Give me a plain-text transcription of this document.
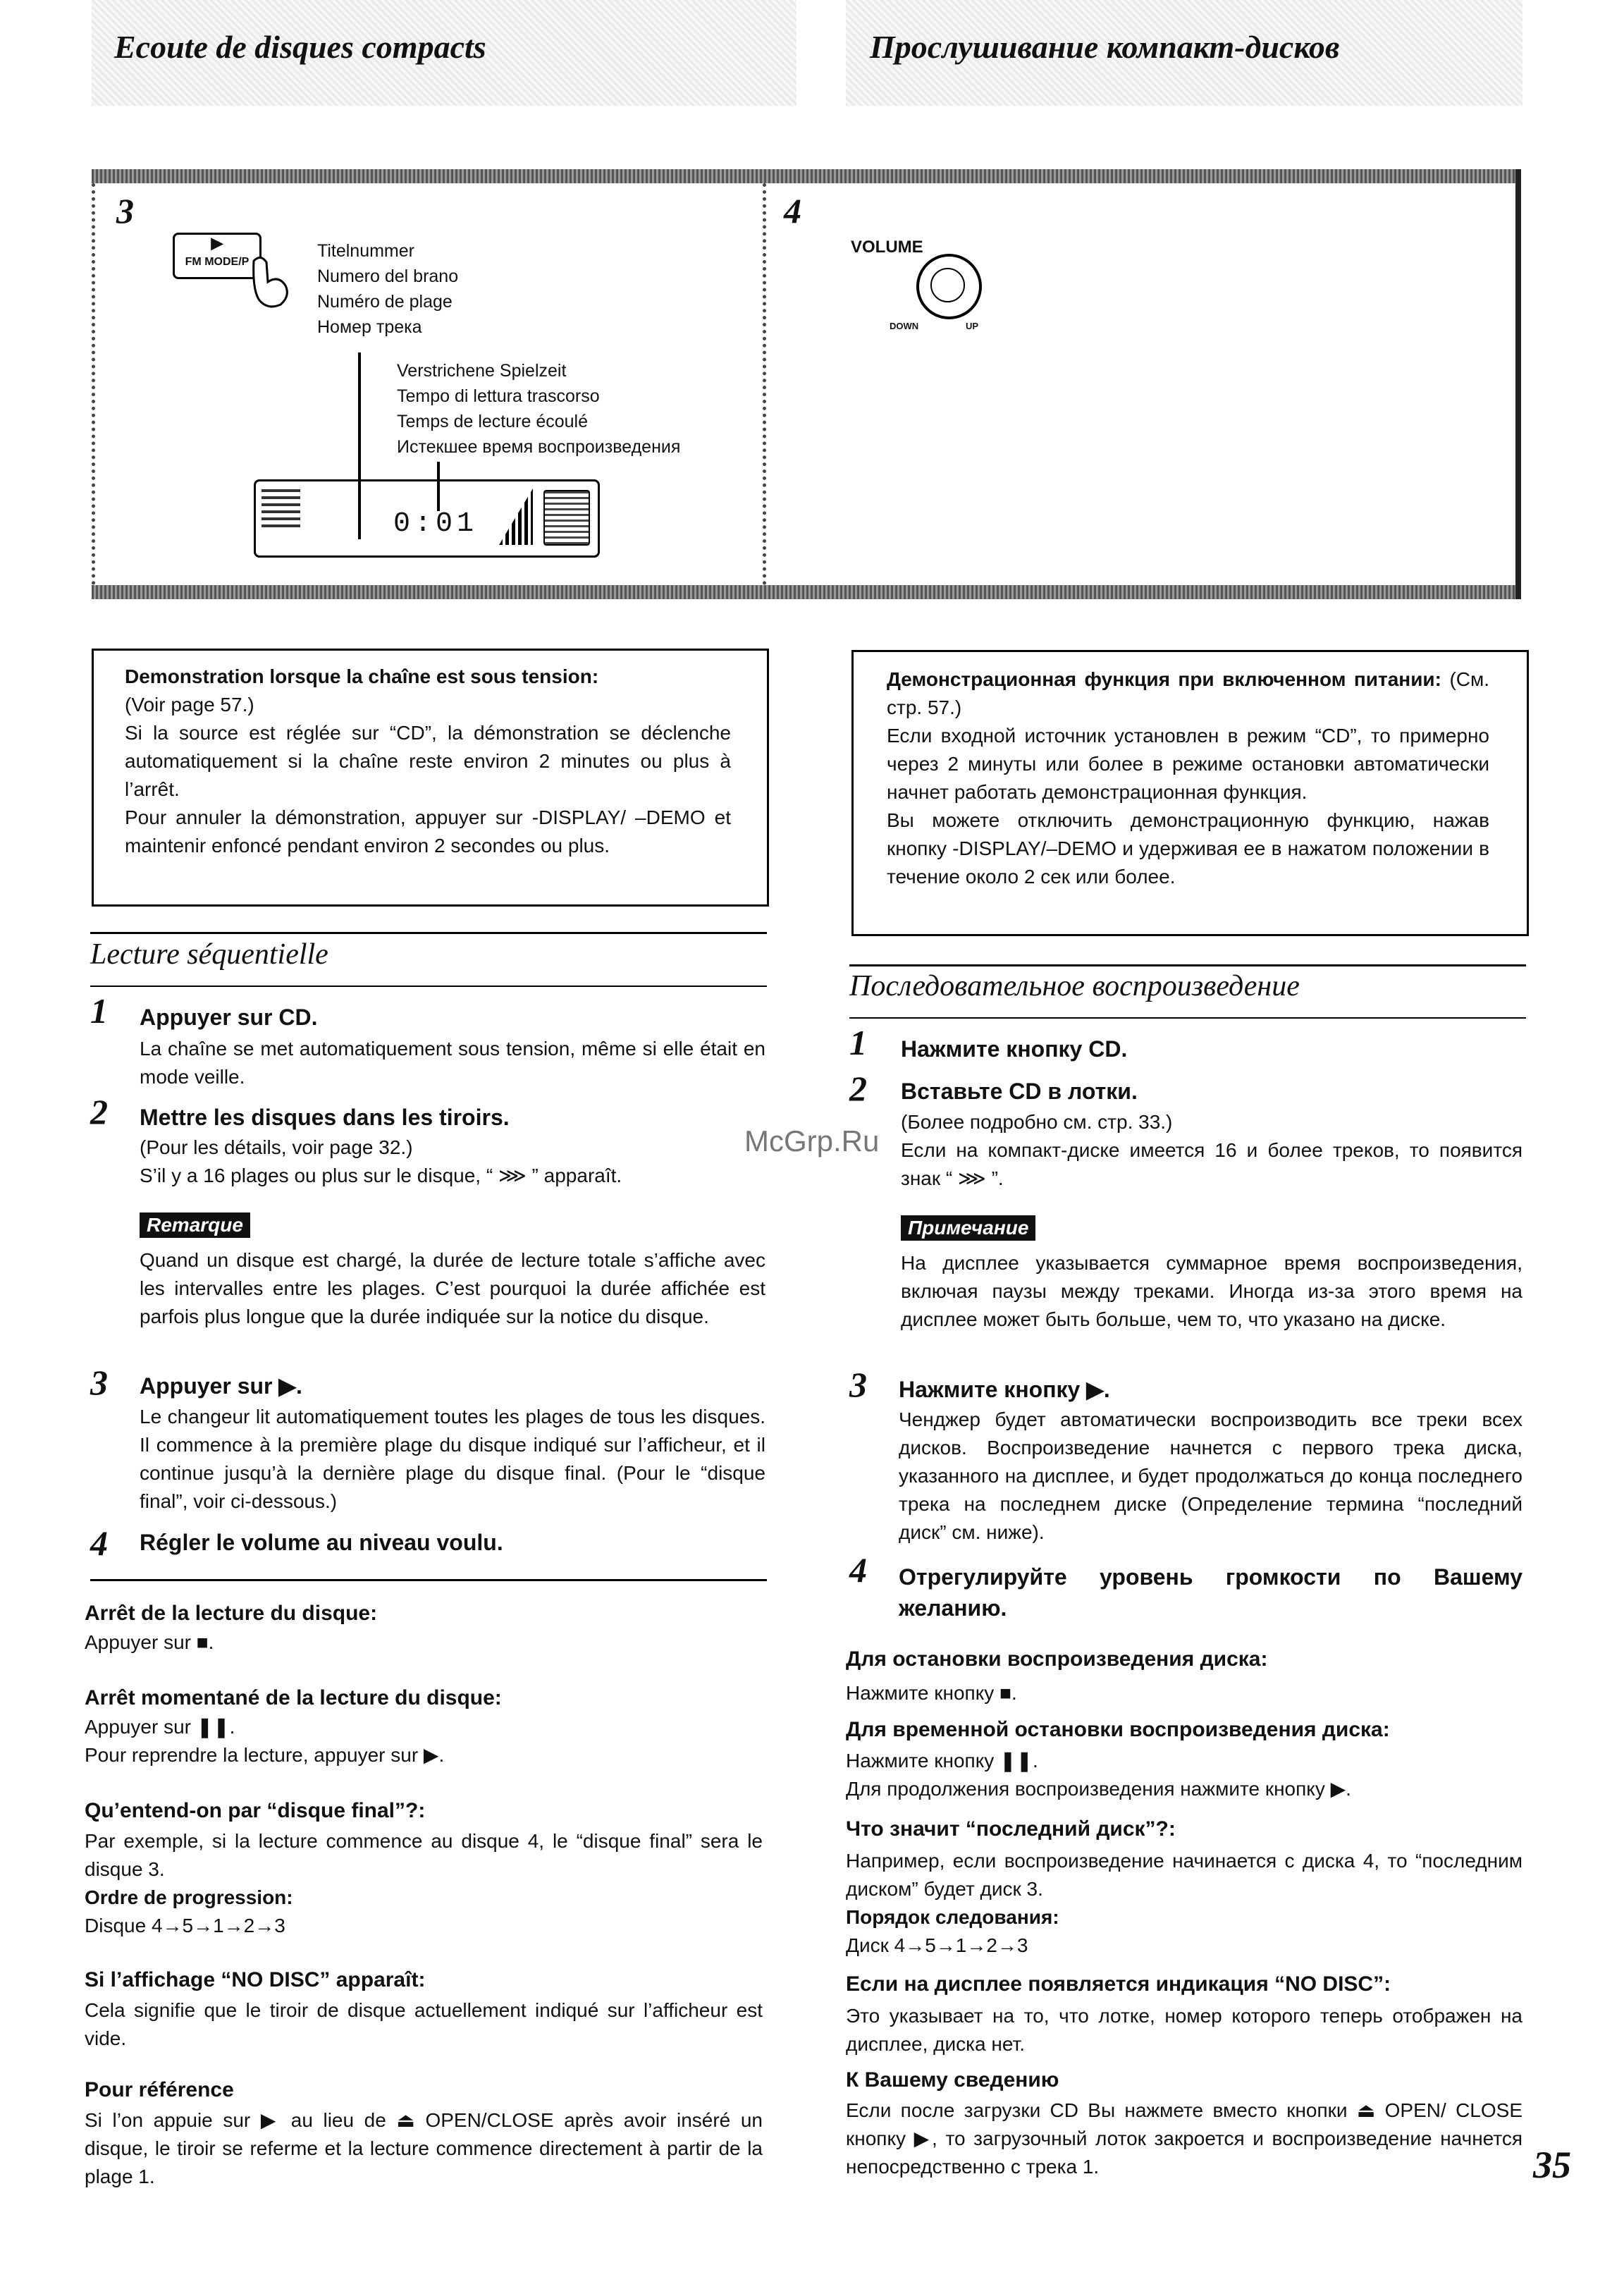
Ecoute de disques compacts	Прослушивание компакт-дисков
3	4
▶
FM MODE/P
Titelnummer
Numero del brano
Numéro de plage
Номер трека
Verstrichene Spielzeit
Tempo di lettura trascorso
Temps de lecture écoulé
Истекшее время воспроизведения
0:01
VOLUME
DOWN	UP

Demonstration lorsque la chaîne est sous tension:

(Voir page 57.)

Si la source est réglée sur “CD”, la démonstration se déclenche automatiquement si la chaîne reste environ 2 minutes ou plus à l’arrêt.

Pour annuler la démonstration, appuyer sur -DISPLAY/ –DEMO et maintenir enfoncé pendant environ 2 secondes ou plus.

Демонстрационная функция при включенном питании: (См. стр. 57.)

Если входной источник установлен в режим “CD”, то примерно через 2 минуты или более в режиме остановки автоматически начнет работать демонстрационная функция.

Вы можете отключить демонстрационную функцию, нажав кнопку -DISPLAY/–DEMO и удерживая ее в нажатом положении в течение около 2 сек или более.

Lecture séquentielle
1 Appuyer sur CD.
La chaîne se met automatiquement sous tension, même si elle était en mode veille.
2 Mettre les disques dans les tiroirs.
(Pour les détails, voir page 32.)
S’il y a 16 plages ou plus sur le disque, “ ⋙ ” apparaît.
Remarque
Quand un disque est chargé, la durée de lecture totale s’affiche avec les intervalles entre les plages. C’est pourquoi la durée affichée est parfois plus longue que la durée indiquée sur la notice du disque.
3 Appuyer sur ▶.
Le changeur lit automatiquement toutes les plages de tous les disques. Il commence à la première plage du disque indiqué sur l’afficheur, et il continue jusqu’à la dernière plage du disque final. (Pour le “disque final”, voir ci-dessous.)
4 Régler le volume au niveau voulu.
Arrêt de la lecture du disque:
Appuyer sur ■.
Arrêt momentané de la lecture du disque:
Appuyer sur ❚❚.
Pour reprendre la lecture, appuyer sur ▶.
Qu’entend-on par “disque final”?:
Par exemple, si la lecture commence au disque 4, le “disque final” sera le disque 3.
Ordre de progression:
Disque 4→5→1→2→3
Si l’affichage “NO DISC” apparaît:
Cela signifie que le tiroir de disque actuellement indiqué sur l’afficheur est vide.
Pour référence
Si l’on appuie sur ▶ au lieu de ⏏ OPEN/CLOSE après avoir inséré un disque, le tiroir se referme et la lecture commence directement à partir de la plage 1.
McGrp.Ru
Последовательное воспроизведение
1 Нажмите кнопку CD.
2 Вставьте CD в лотки.
(Более подробно см. стр. 33.)
Если на компакт-диске имеется 16 и более треков, то появится знак “ ⋙ ”.
Примечание
На дисплее указывается суммарное время воспроизведения, включая паузы между треками. Иногда из-за этого время на дисплее может быть больше, чем то, что указано на диске.
3 Нажмите кнопку ▶.
Ченджер будет автоматически воспроизводить все треки всех дисков. Воспроизведение начнется с первого трека диска, указанного на дисплее, и будет продолжаться до конца последнего трека на последнем диске (Определение термина “последний диск” см. ниже).
4 Отрегулируйте уровень громкости по Вашему желанию.
Для остановки воспроизведения диска:
Нажмите кнопку ■.
Для временной остановки воспроизведения диска:
Нажмите кнопку ❚❚.
Для продолжения воспроизведения нажмите кнопку ▶.
Что значит “последний диск”?:
Например, если воспроизведение начинается с диска 4, то “последним диском” будет диск 3.
Порядок следования:
Диск 4→5→1→2→3
Если на дисплее появляется индикация “NO DISC”:
Это указывает на то, что лотке, номер которого теперь отображен на дисплее, диска нет.
К Вашему сведению
Если после загрузки CD Вы нажмете вместо кнопки ⏏ OPEN/ CLOSE кнопку ▶, то загрузочный лоток закроется и воспроизведение начнется непосредственно с трека 1.	35
